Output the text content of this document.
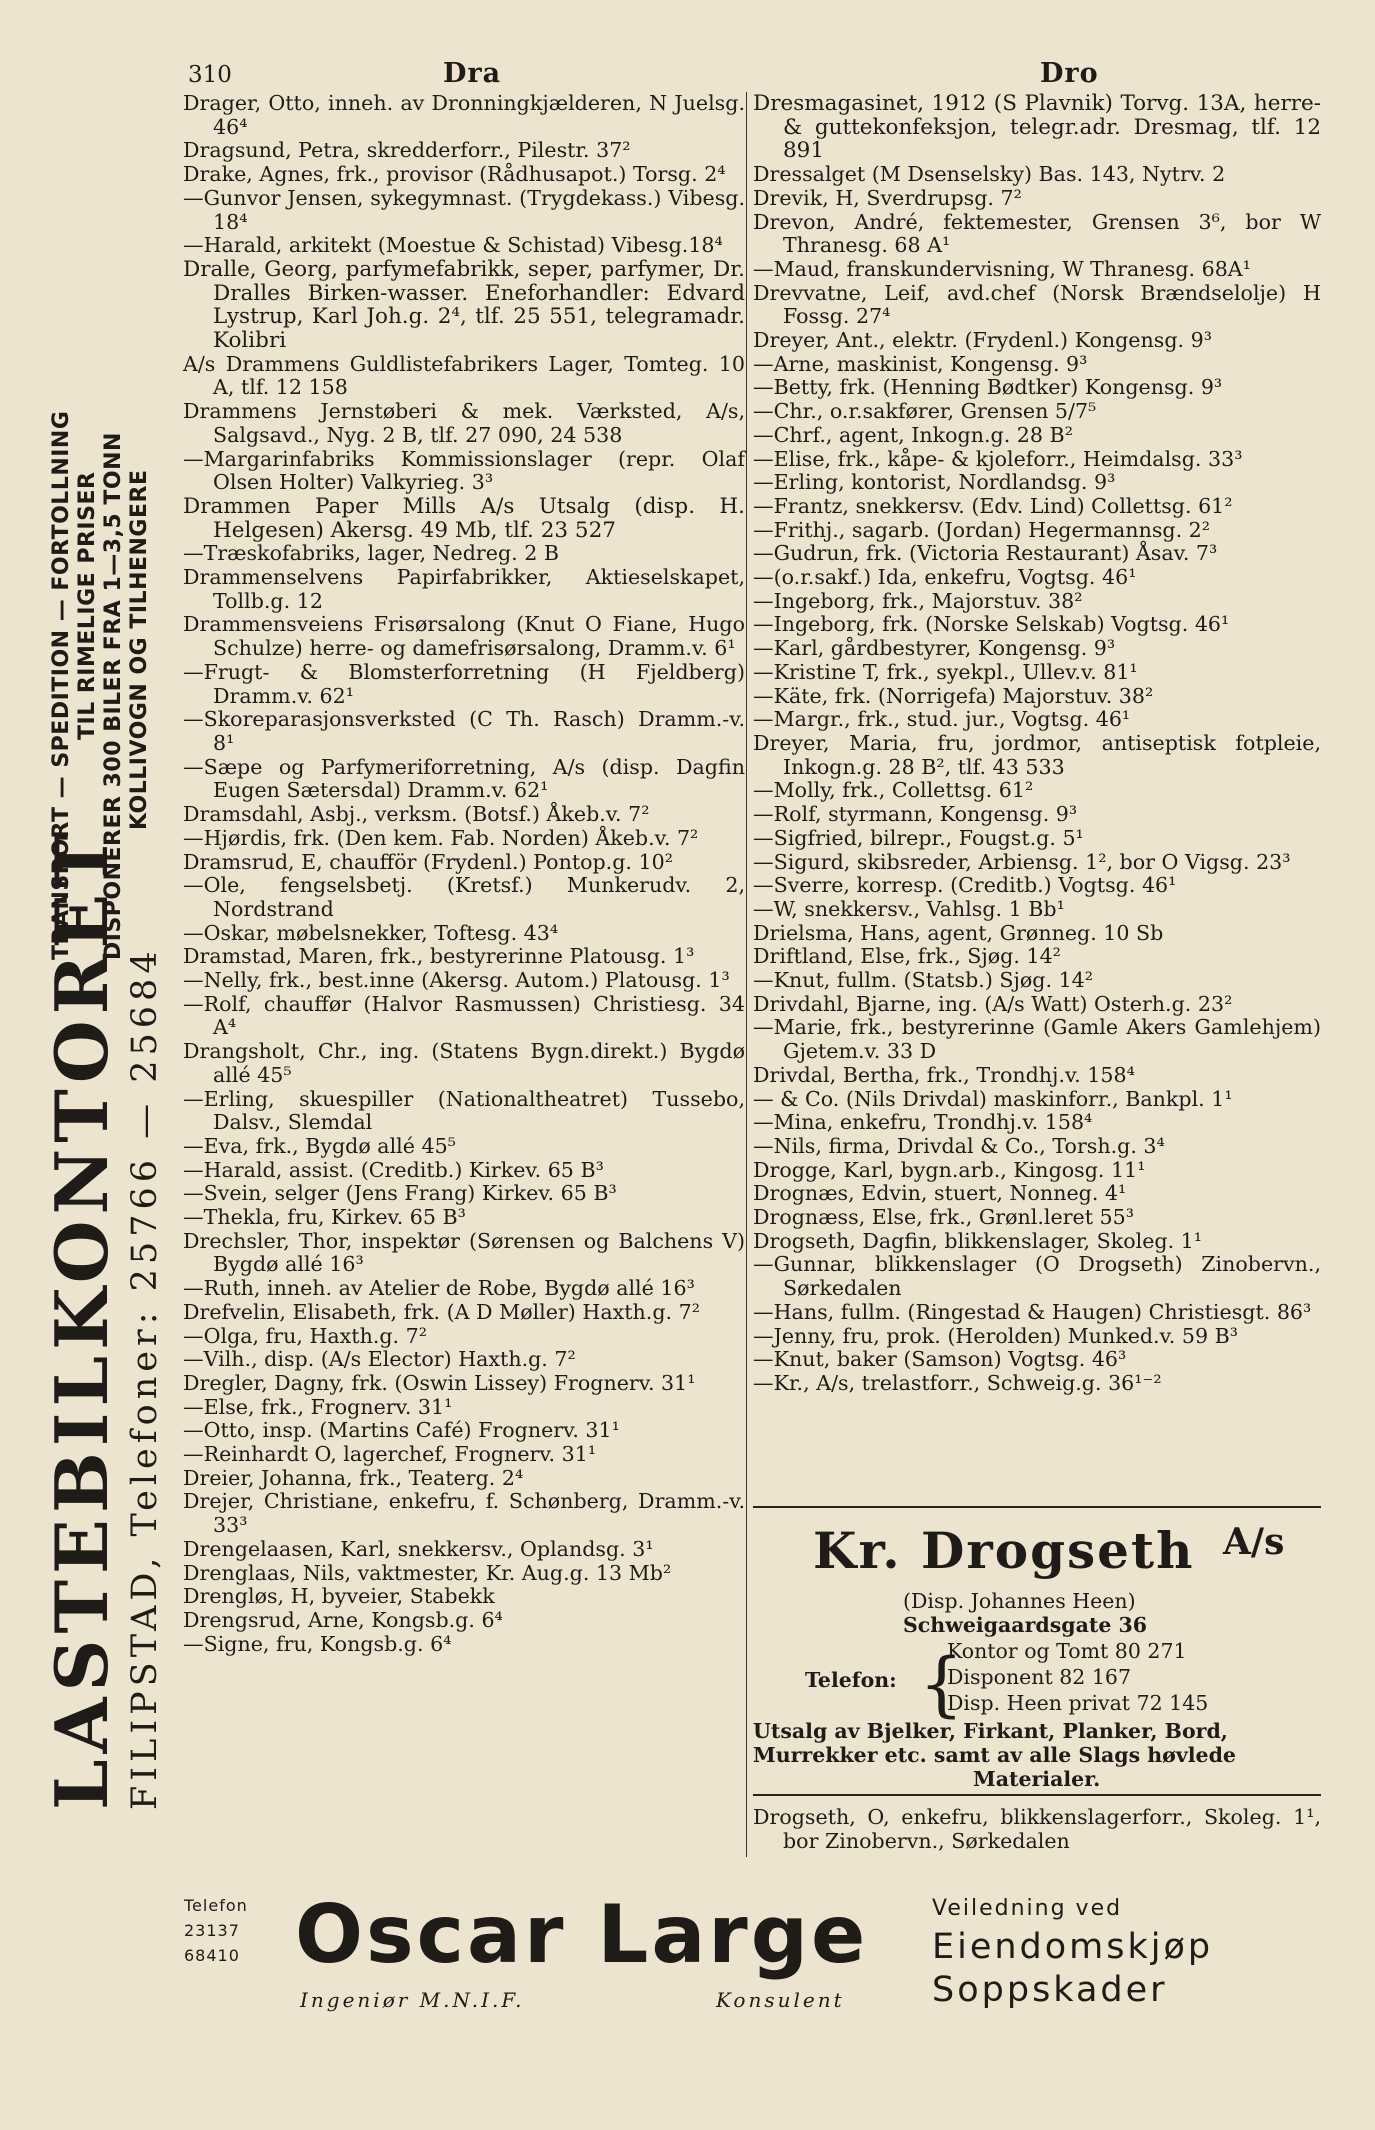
310	Dra	Dro
TRANSPORT — SPEDITION — FORTOLLNING TIL RIMELIGE PRISER DISPONERER 300 BILER FRA 1—3,5 TONN KOLLIVOGN OG TILHENGERE
LASTEBILKONTORET FILIPSTAD, Telefoner: 25766 — 25684

Drager, Otto, inneh. av Dronningkjælderen, N Juelsg. 46⁴

Dragsund, Petra, skredderforr., Pilestr. 37²

Drake, Agnes, frk., provisor (Rådhusapot.) Torsg. 2⁴

—Gunvor Jensen, sykegymnast. (Trygdekass.) Vibesg. 18⁴

—Harald, arkitekt (Moestue & Schistad) Vibesg.18⁴

Dralle, Georg, parfymefabrikk, seper, parfymer, Dr. Dralles Birken-wasser. Eneforhandler: Edvard Lystrup, Karl Joh.g. 2⁴, tlf. 25 551, telegramadr. Kolibri

A/s Drammens Guldlistefabrikers Lager, Tomteg. 10 A, tlf. 12 158

Drammens Jernstøberi & mek. Værksted, A/s, Salgsavd., Nyg. 2 B, tlf. 27 090, 24 538

—Margarinfabriks Kommissionslager (repr. Olaf Olsen Holter) Valkyrieg. 3³

Drammen Paper Mills A/s Utsalg (disp. H. Helgesen) Akersg. 49 Mb, tlf. 23 527

—Træskofabriks, lager, Nedreg. 2 B

Drammenselvens Papirfabrikker, Aktieselskapet, Tollb.g. 12

Drammensveiens Frisørsalong (Knut O Fiane, Hugo Schulze) herre- og damefrisørsalong, Dramm.v. 6¹

—Frugt- & Blomsterforretning (H Fjeldberg) Dramm.v. 62¹

—Skoreparasjonsverksted (C Th. Rasch) Dramm.-v. 8¹

—Sæpe og Parfymeriforretning, A/s (disp. Dagfin Eugen Sætersdal) Dramm.v. 62¹

Dramsdahl, Asbj., verksm. (Botsf.) Åkeb.v. 7²

—Hjørdis, frk. (Den kem. Fab. Norden) Åkeb.v. 7²

Dramsrud, E, chaufför (Frydenl.) Pontop.g. 10²

—Ole, fengselsbetj. (Kretsf.) Munkerudv. 2, Nordstrand

—Oskar, møbelsnekker, Toftesg. 43⁴

Dramstad, Maren, frk., bestyrerinne Platousg. 1³

—Nelly, frk., best.inne (Akersg. Autom.) Platousg. 1³

—Rolf, chauffør (Halvor Rasmussen) Christiesg. 34 A⁴

Drangsholt, Chr., ing. (Statens Bygn.direkt.) Bygdø allé 45⁵

—Erling, skuespiller (Nationaltheatret) Tussebo, Dalsv., Slemdal

—Eva, frk., Bygdø allé 45⁵

—Harald, assist. (Creditb.) Kirkev. 65 B³

—Svein, selger (Jens Frang) Kirkev. 65 B³

—Thekla, fru, Kirkev. 65 B³

Drechsler, Thor, inspektør (Sørensen og Balchens V) Bygdø allé 16³

—Ruth, inneh. av Atelier de Robe, Bygdø allé 16³

Drefvelin, Elisabeth, frk. (A D Møller) Haxth.g. 7²

—Olga, fru, Haxth.g. 7²

—Vilh., disp. (A/s Elector) Haxth.g. 7²

Dregler, Dagny, frk. (Oswin Lissey) Frognerv. 31¹

—Else, frk., Frognerv. 31¹

—Otto, insp. (Martins Café) Frognerv. 31¹

—Reinhardt O, lagerchef, Frognerv. 31¹

Dreier, Johanna, frk., Teaterg. 2⁴

Drejer, Christiane, enkefru, f. Schønberg, Dramm.-v. 33³

Drengelaasen, Karl, snekkersv., Oplandsg. 3¹

Drenglaas, Nils, vaktmester, Kr. Aug.g. 13 Mb²

Drengløs, H, byveier, Stabekk

Drengsrud, Arne, Kongsb.g. 6⁴

—Signe, fru, Kongsb.g. 6⁴

Dresmagasinet, 1912 (S Plavnik) Torvg. 13A, herre- & guttekonfeksjon, telegr.adr. Dresmag, tlf. 12 891

Dressalget (M Dsenselsky) Bas. 143, Nytrv. 2

Drevik, H, Sverdrupsg. 7²

Drevon, André, fektemester, Grensen 3⁶, bor W Thranesg. 68 A¹

—Maud, franskundervisning, W Thranesg. 68A¹

Drevvatne, Leif, avd.chef (Norsk Brændselolje) H Fossg. 27⁴

Dreyer, Ant., elektr. (Frydenl.) Kongensg. 9³

—Arne, maskinist, Kongensg. 9³

—Betty, frk. (Henning Bødtker) Kongensg. 9³

—Chr., o.r.sakfører, Grensen 5/7⁵

—Chrf., agent, Inkogn.g. 28 B²

—Elise, frk., kåpe- & kjoleforr., Heimdalsg. 33³

—Erling, kontorist, Nordlandsg. 9³

—Frantz, snekkersv. (Edv. Lind) Collettsg. 61²

—Frithj., sagarb. (Jordan) Hegermannsg. 2²

—Gudrun, frk. (Victoria Restaurant) Åsav. 7³

—(o.r.sakf.) Ida, enkefru, Vogtsg. 46¹

—Ingeborg, frk., Majorstuv. 38²

—Ingeborg, frk. (Norske Selskab) Vogtsg. 46¹

—Karl, gårdbestyrer, Kongensg. 9³

—Kristine T, frk., syekpl., Ullev.v. 81¹

—Käte, frk. (Norrigefa) Majorstuv. 38²

—Margr., frk., stud. jur., Vogtsg. 46¹

Dreyer, Maria, fru, jordmor, antiseptisk fotpleie, Inkogn.g. 28 B², tlf. 43 533

—Molly, frk., Collettsg. 61²

—Rolf, styrmann, Kongensg. 9³

—Sigfried, bilrepr., Fougst.g. 5¹

—Sigurd, skibsreder, Arbiensg. 1², bor O Vigsg. 23³

—Sverre, korresp. (Creditb.) Vogtsg. 46¹

—W, snekkersv., Vahlsg. 1 Bb¹

Drielsma, Hans, agent, Grønneg. 10 Sb

Driftland, Else, frk., Sjøg. 14²

—Knut, fullm. (Statsb.) Sjøg. 14²

Drivdahl, Bjarne, ing. (A/s Watt) Osterh.g. 23²

—Marie, frk., bestyrerinne (Gamle Akers Gamlehjem) Gjetem.v. 33 D

Drivdal, Bertha, frk., Trondhj.v. 158⁴

— & Co. (Nils Drivdal) maskinforr., Bankpl. 1¹

—Mina, enkefru, Trondhj.v. 158⁴

—Nils, firma, Drivdal & Co., Torsh.g. 3⁴

Drogge, Karl, bygn.arb., Kingosg. 11¹

Drognæs, Edvin, stuert, Nonneg. 4¹

Drognæss, Else, frk., Grønl.leret 55³

Drogseth, Dagfin, blikkenslager, Skoleg. 1¹

—Gunnar, blikkenslager (O Drogseth) Zinobervn., Sørkedalen

—Hans, fullm. (Ringestad & Haugen) Christiesgt. 86³

—Jenny, fru, prok. (Herolden) Munked.v. 59 B³

—Knut, baker (Samson) Vogtsg. 46³

—Kr., A/s, trelastforr., Schweig.g. 36¹⁻²

Kr. Drogseth A/s
(Disp. Johannes Heen)
Schweigaardsgate 36
Telefon: {
Kontor og Tomt 80 271
Disponent 82 167
Disp. Heen privat 72 145
Utsalg av Bjelker, Firkant, Planker, Bord,
Murrekker etc. samt av alle Slags høvlede
Materialer.

Drogseth, O, enkefru, blikkenslagerforr., Skoleg. 1¹, bor Zinobervn., Sørkedalen

Telefon
23137
68410 Oscar Large
Ingeniør M.N.I.F.	Konsulent
Veiledning ved
Eiendomskjøp
Soppskader
